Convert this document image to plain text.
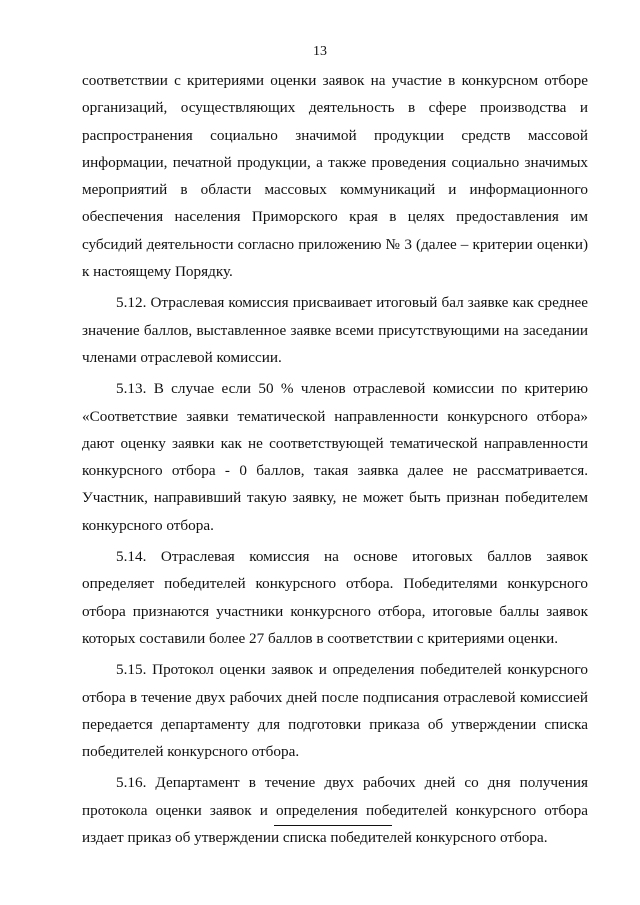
13

соответствии с критериями оценки заявок на участие в конкурсном отборе организаций, осуществляющих деятельность в сфере производства и распространения социально значимой продукции средств массовой информации, печатной продукции, а также проведения социально значимых мероприятий в области массовых коммуникаций и информационного обеспечения населения Приморского края в целях предоставления им субсидий деятельности согласно приложению № 3 (далее – критерии оценки) к настоящему Порядку.

5.12. Отраслевая комиссия присваивает итоговый бал заявке как среднее значение баллов, выставленное заявке всеми присутствующими на заседании членами отраслевой комиссии.

5.13. В случае если 50 % членов отраслевой комиссии по критерию «Соответствие заявки тематической направленности конкурсного отбора» дают оценку заявки как не соответствующей тематической направленности конкурсного отбора - 0 баллов, такая заявка далее не рассматривается. Участник, направивший такую заявку, не может быть признан победителем конкурсного отбора.

5.14. Отраслевая комиссия на основе итоговых баллов заявок определяет победителей конкурсного отбора. Победителями конкурсного отбора признаются участники конкурсного отбора, итоговые баллы заявок которых составили более 27 баллов в соответствии с критериями оценки.

5.15. Протокол оценки заявок и определения победителей конкурсного отбора в течение двух рабочих дней после подписания отраслевой комиссией передается департаменту для подготовки приказа об утверждении списка победителей конкурсного отбора.

5.16. Департамент в течение двух рабочих дней со дня получения протокола оценки заявок и определения победителей конкурсного отбора издает приказ об утверждении списка победителей конкурсного отбора.
